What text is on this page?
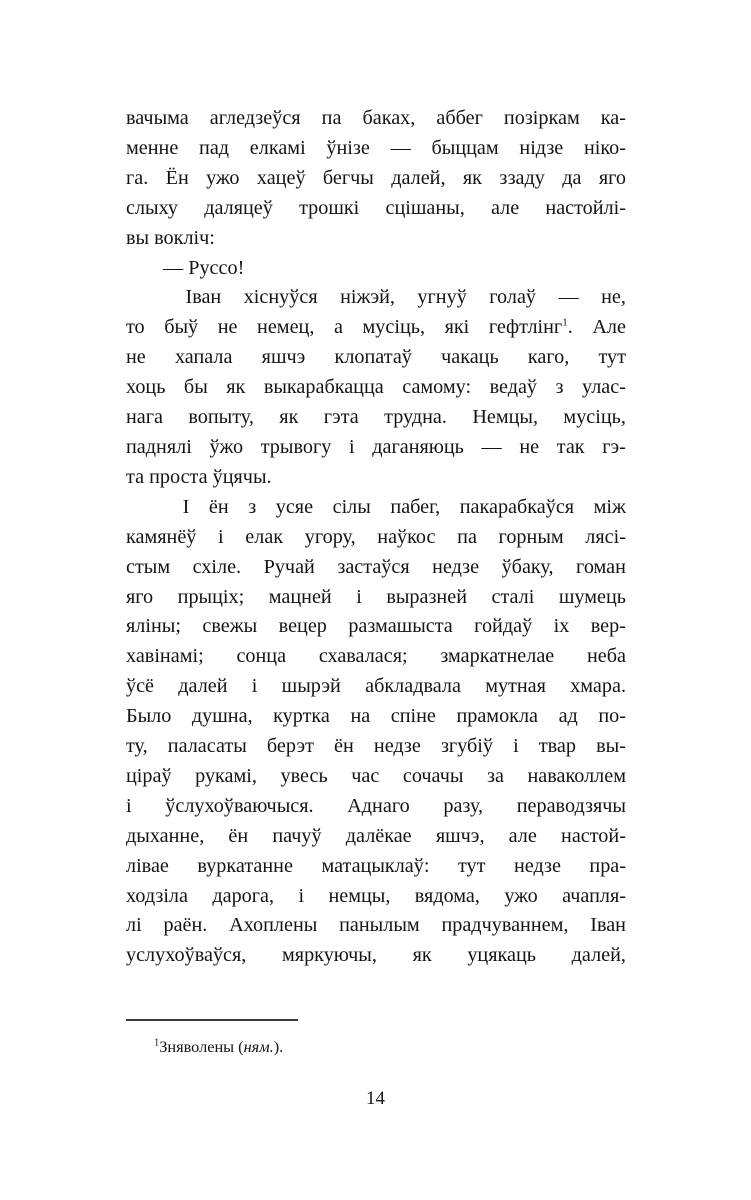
вачыма агледзеўся па баках, аббег позіркам ка-
менне пад елкамі ўнізе — быццам нідзе ніко-
га. Ён ужо хацеў бегчы далей, як ззаду да яго
слыху даляцеў трошкі сцішаны, але настойлі-
вы вокліч:
— Руссо!
Іван хіснуўся ніжэй, угнуў голаў — не,
то быў не немец, а мусіць, які гефтлінг$^1$. Але
не хапала яшчэ клопатаў чакаць каго, тут
хоць бы як выкарабкацца самому: ведаў з улас-
нага вопыту, як гэта трудна. Немцы, мусіць,
паднялі ўжо трывогу і даганяюць — не так гэ-
та проста ўцячы.
І ён з усяе сілы пабег, пакарабкаўся між
камянёў і елак угору, наўкос па горным лясі-
стым схіле. Ручай застаўся недзе ўбаку, гоман
яго прыціх; мацней і выразней сталі шумець
яліны; свежы вецер размашыста гойдаў іх вер-
хавінамі; сонца схавалася; змаркатнелае неба
ўсё далей і шырэй абкладвала мутная хмара.
Было душна, куртка на спіне прамокла ад по-
ту, паласаты берэт ён недзе згубіў і твар вы-
ціраў рукамі, увесь час сочачы за наваколлем
і ўслухоўваючыся. Аднаго разу, пераводзячы
дыханне, ён пачуў далёкае яшчэ, але настой-
лівае вуркатанне матацыклаў: тут недзе пра-
ходзіла дарога, і немцы, вядома, ужо ачапля-
лі раён. Ахоплены панылым прадчуваннем, Іван
услухоўваўся, мяркуючы, як уцякаць далей,
$^1$Зняволены (ням.).
14
